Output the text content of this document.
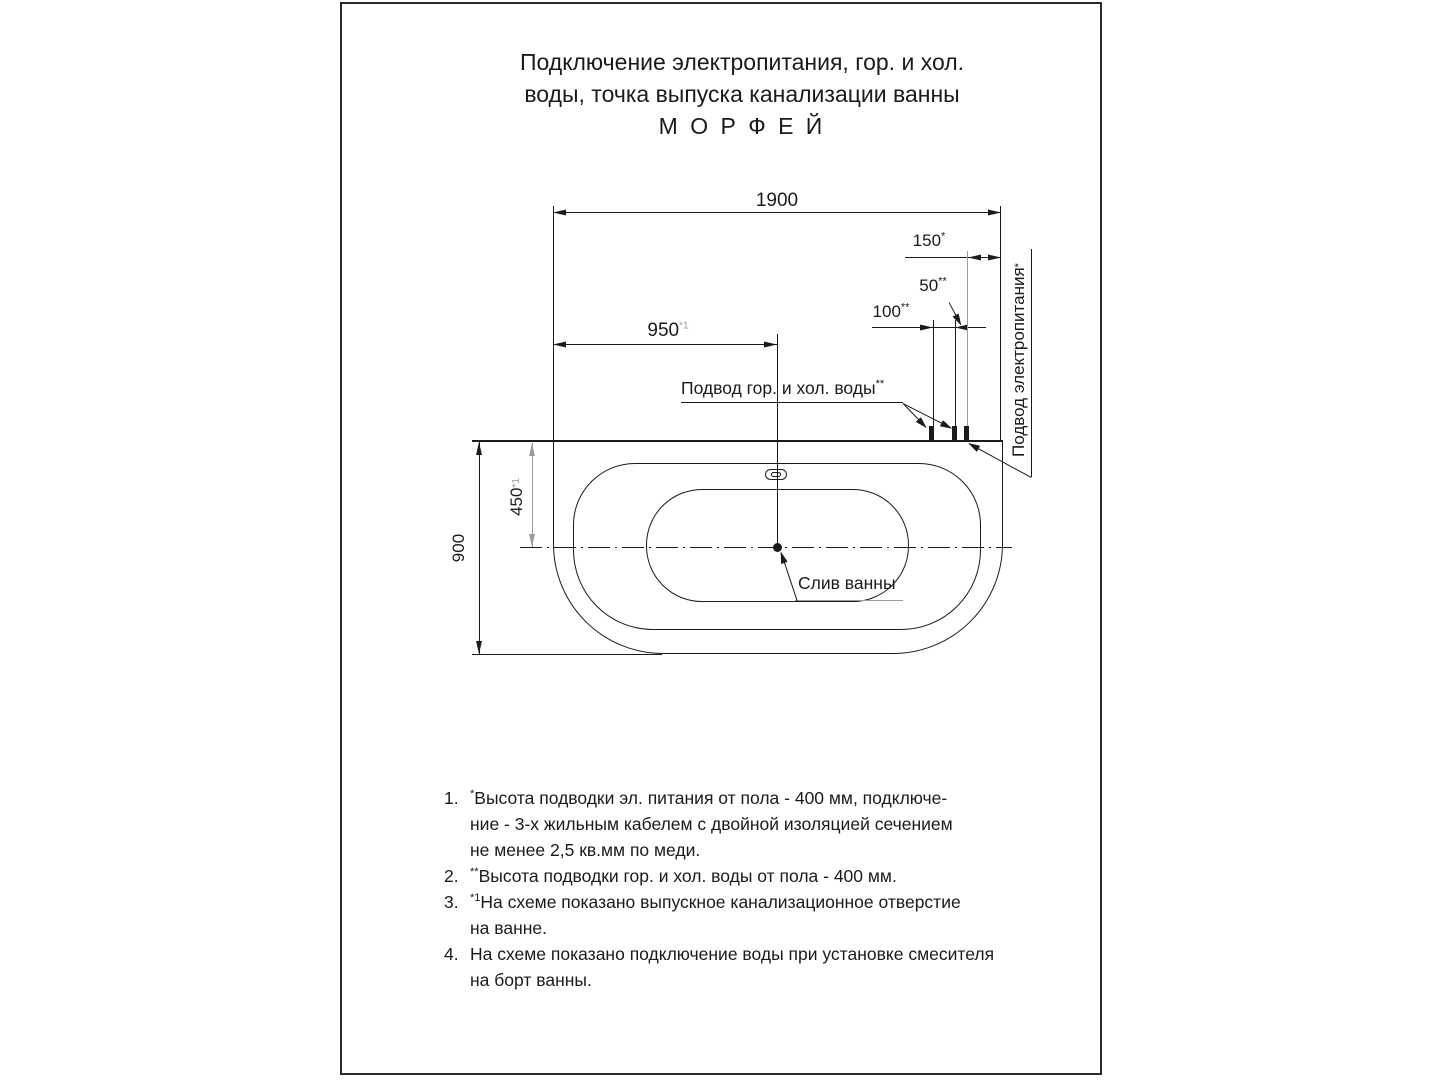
Подключение электропитания, гор. и хол.
воды, точка выпуска канализации ванны
М О Р Ф Е Й
1900
950$^{*1}$
150*
100**
50**
900
450
*1
Подвод гор. и хол. воды**	Подвод электропитания
*
Слив ванны
1.	*Высота подводки эл. питания от пола - 400 мм, подключе-
ние - 3-х жильным кабелем с двойной изоляцией сечением
не менее 2,5 кв.мм по меди.
2.	**Высота подводки гор. и хол. воды от пола - 400 мм.
3.	$^{*1}$На схеме показано выпускное канализационное отверстие
на ванне.
4. На схеме показано подключение воды при установке смесителя
на борт ванны.
